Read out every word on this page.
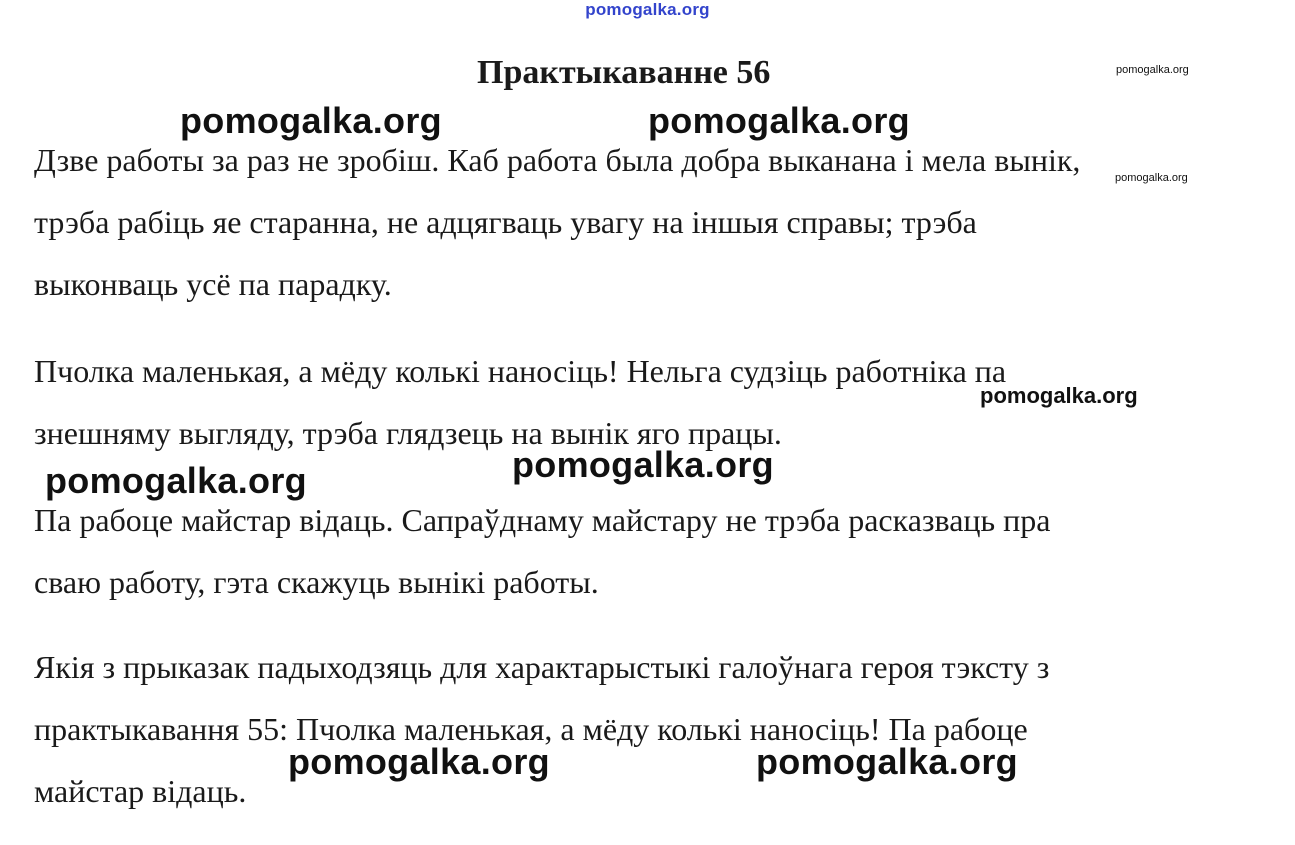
pomogalka.org
Практыкаванне 56	pomogalka.org
Дзве работы за раз не зробіш. Каб работа была добра выканана і мела вынік,
трэба рабіць яе старанна, не адцягваць увагу на іншыя справы; трэба
выконваць усё па парадку.
Пчолка маленькая, а мёду колькі наносіць! Нельга судзіць работніка па
знешняму выгляду, трэба глядзець на вынік яго працы.
Па рабоце майстар відаць. Сапраўднаму майстару не трэба расказваць пра
сваю работу, гэта скажуць вынікі работы.
Якія з прыказак падыходзяць для характарыстыкі галоўнага героя тэксту з
практыкавання 55: Пчолка маленькая, а мёду колькі наносіць! Па рабоце
майстар відаць.
pomogalka.org	pomogalka.org
pomogalka.org
pomogalka.org
pomogalka.org
pomogalka.org
pomogalka.org	pomogalka.org
